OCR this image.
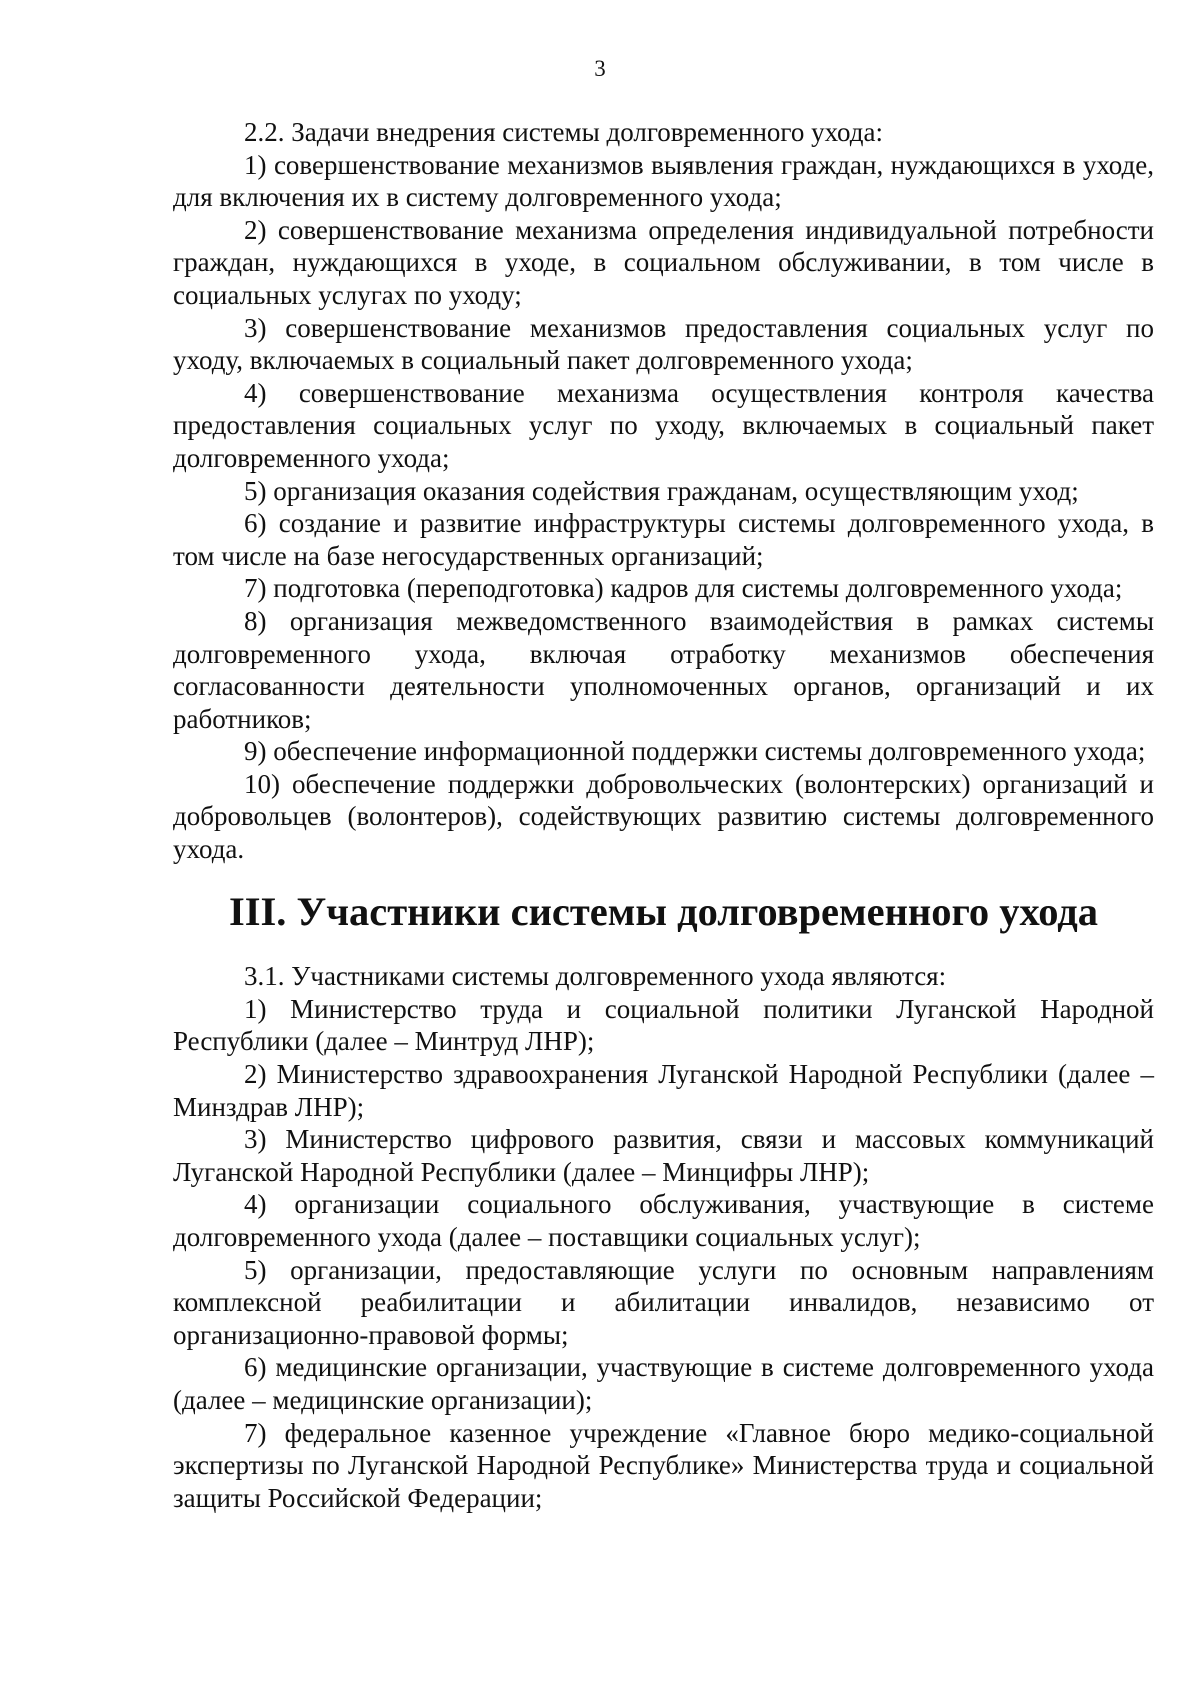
3

2.2. Задачи внедрения системы долговременного ухода:

1) совершенствование механизмов выявления граждан, нуждающихся в уходе, для включения их в систему долговременного ухода;

2) совершенствование механизма определения индивидуальной потребности граждан, нуждающихся в уходе, в социальном обслуживании, в том числе в социальных услугах по уходу;

3) совершенствование механизмов предоставления социальных услуг по уходу, включаемых в социальный пакет долговременного ухода;

4) совершенствование механизма осуществления контроля качества предоставления социальных услуг по уходу, включаемых в социальный пакет долговременного ухода;

5) организация оказания содействия гражданам, осуществляющим уход;

6) создание и развитие инфраструктуры системы долговременного ухода, в том числе на базе негосударственных организаций;

7) подготовка (переподготовка) кадров для системы долговременного ухода;

8) организация межведомственного взаимодействия в рамках системы долговременного ухода, включая отработку механизмов обеспечения согласованности деятельности уполномоченных органов, организаций и их работников;

9) обеспечение информационной поддержки системы долговременного ухода;

10) обеспечение поддержки добровольческих (волонтерских) организаций и добровольцев (волонтеров), содействующих развитию системы долговременного ухода.

III. Участники системы долговременного ухода

3.1. Участниками системы долговременного ухода являются:

1) Министерство труда и социальной политики Луганской Народной Республики (далее – Минтруд ЛНР);

2) Министерство здравоохранения Луганской Народной Республики (далее – Минздрав ЛНР);

3) Министерство цифрового развития, связи и массовых коммуникаций Луганской Народной Республики (далее – Минцифры ЛНР);

4) организации социального обслуживания, участвующие в системе долговременного ухода (далее – поставщики социальных услуг);

5) организации, предоставляющие услуги по основным направлениям комплексной реабилитации и абилитации инвалидов, независимо от организационно-правовой формы;

6) медицинские организации, участвующие в системе долговременного ухода (далее – медицинские организации);

7) федеральное казенное учреждение «Главное бюро медико-социальной экспертизы по Луганской Народной Республике» Министерства труда и социальной защиты Российской Федерации;
